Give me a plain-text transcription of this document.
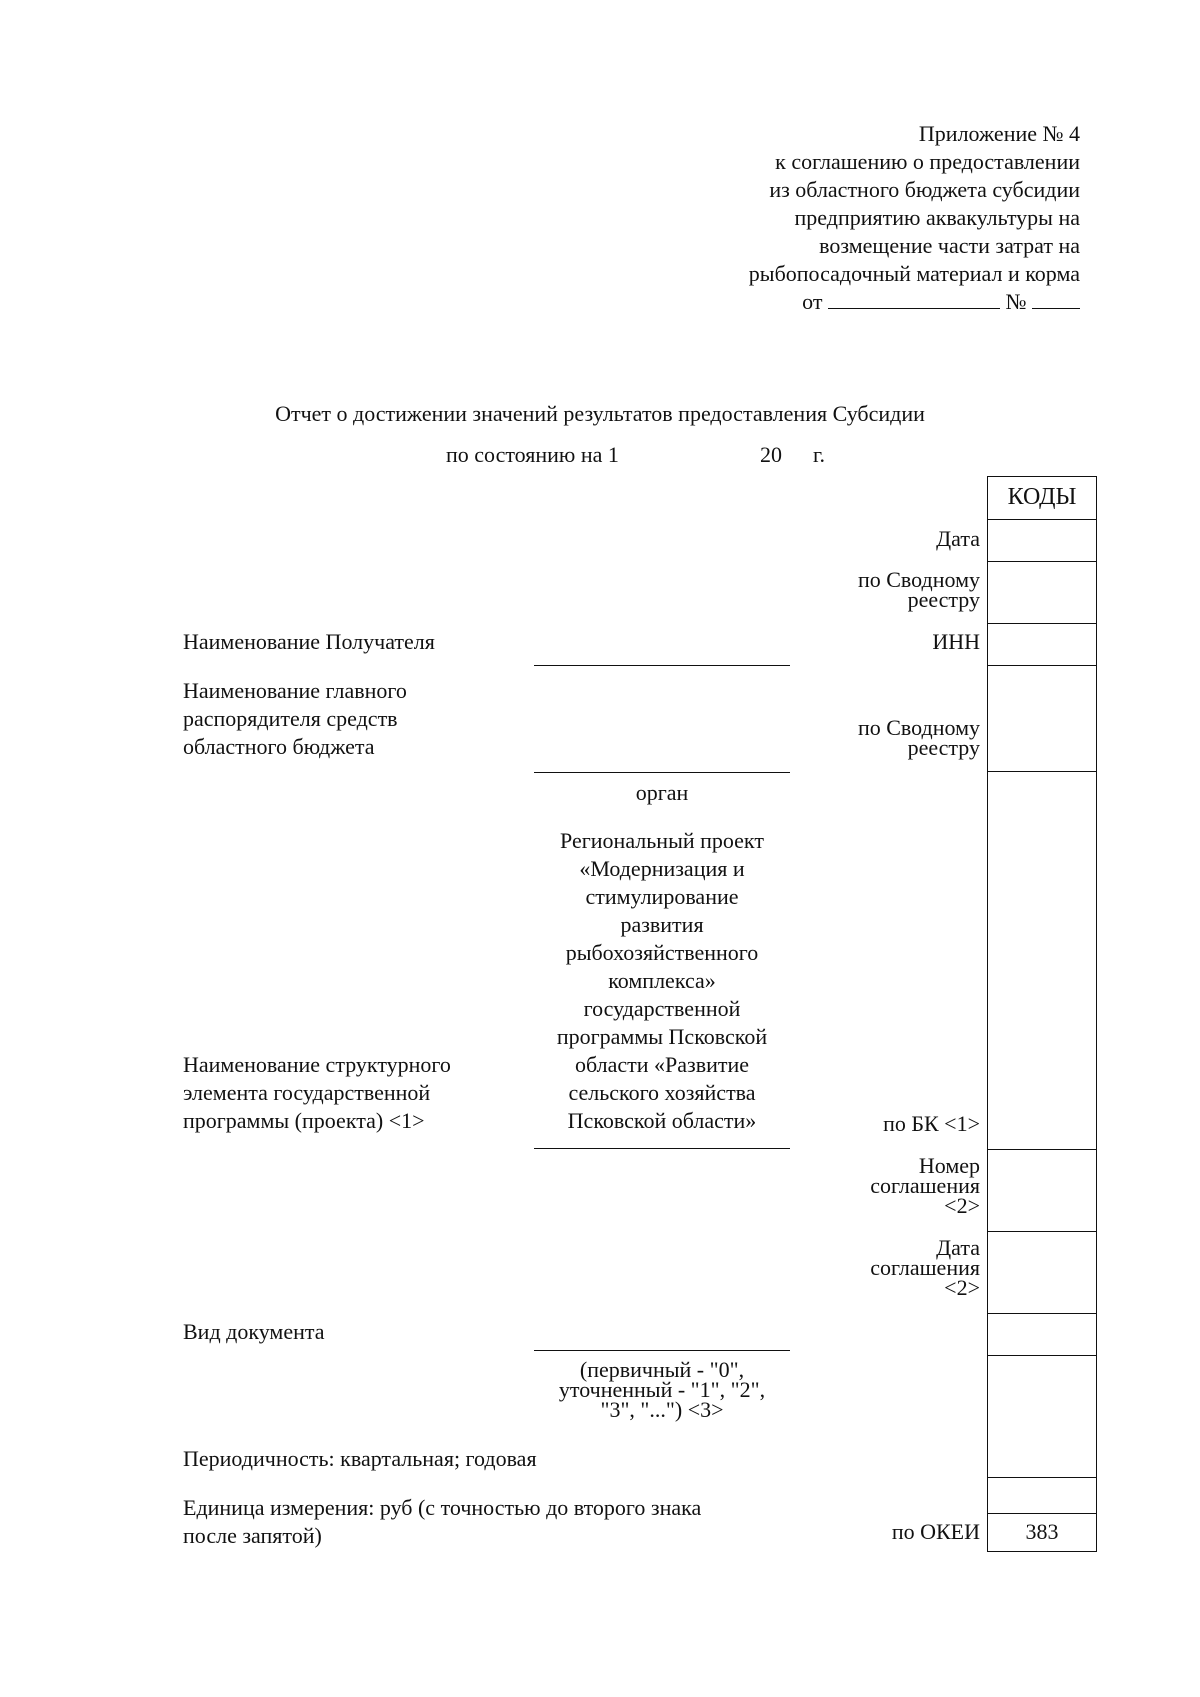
Приложение № 4
к соглашению о предоставлении
из областного бюджета субсидии
предприятию аквакультуры на
возмещение части затрат на
рыбопосадочный материал и корма
от	№
Отчет о достижении значений результатов предоставления Субсидии
по состоянию на 1	20 г.
КОДЫ
383
Дата
по Сводному
реестру
ИНН
по Сводному
реестру
по БК <1>
Номер
соглашения
<2>
Дата
соглашения
<2>
по ОКЕИ
Наименование Получателя
Наименование главного
распорядителя средств
областного бюджета
Наименование структурного
элемента государственной
программы (проекта) <1>
Вид документа
Периодичность: квартальная; годовая
Единица измерения: руб (с точностью до второго знака
после запятой)
орган
Региональный проект
«Модернизация и
стимулирование
развития
рыбохозяйственного
комплекса»
государственной
программы Псковской
области «Развитие
сельского хозяйства
Псковской области»
(первичный - "0",
уточненный - "1", "2",
"3", "...") <3>
